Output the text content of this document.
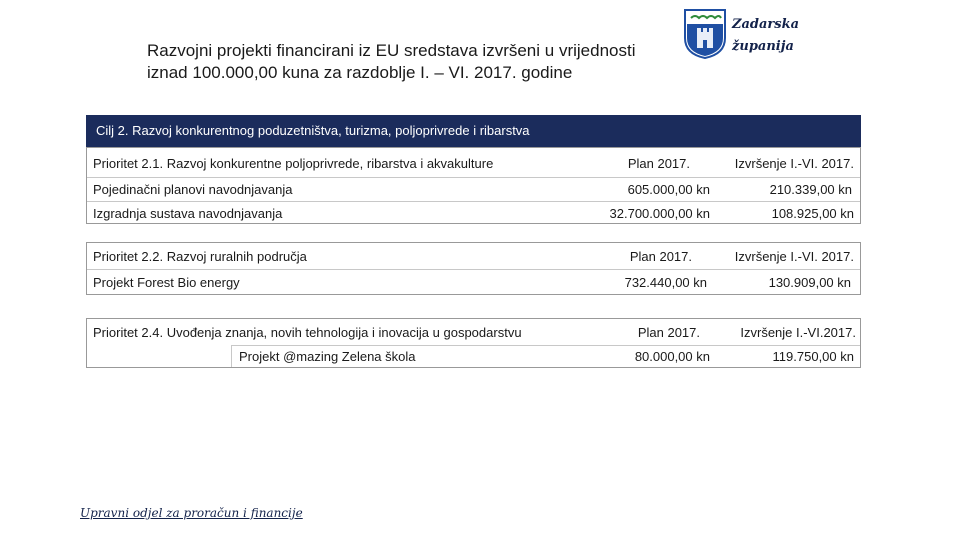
Razvojni projekti financirani iz EU sredstava izvršeni u vrijednosti
iznad 100.000,00 kuna za razdoblje I. – VI. 2017. godine
Zadarska
županija
Cilj 2. Razvoj konkurentnog poduzetništva, turizma, poljoprivrede i ribarstva
Prioritet 2.1. Razvoj konkurentne poljoprivrede, ribarstva i akvakulture	Plan 2017.	Izvršenje I.-VI. 2017.
Pojedinačni planovi navodnjavanja	605.000,00 kn	210.339,00 kn
Izgradnja sustava navodnjavanja	32.700.000,00 kn	108.925,00 kn
Prioritet 2.2. Razvoj ruralnih područja	Plan 2017.	Izvršenje I.-VI. 2017.
Projekt Forest Bio energy	732.440,00 kn	130.909,00 kn
Prioritet 2.4. Uvođenja znanja, novih tehnologija i inovacija u gospodarstvu	Plan 2017.	Izvršenje I.-VI.2017.
Projekt @mazing Zelena škola	80.000,00 kn	119.750,00 kn
Upravni odjel za proračun i financije
